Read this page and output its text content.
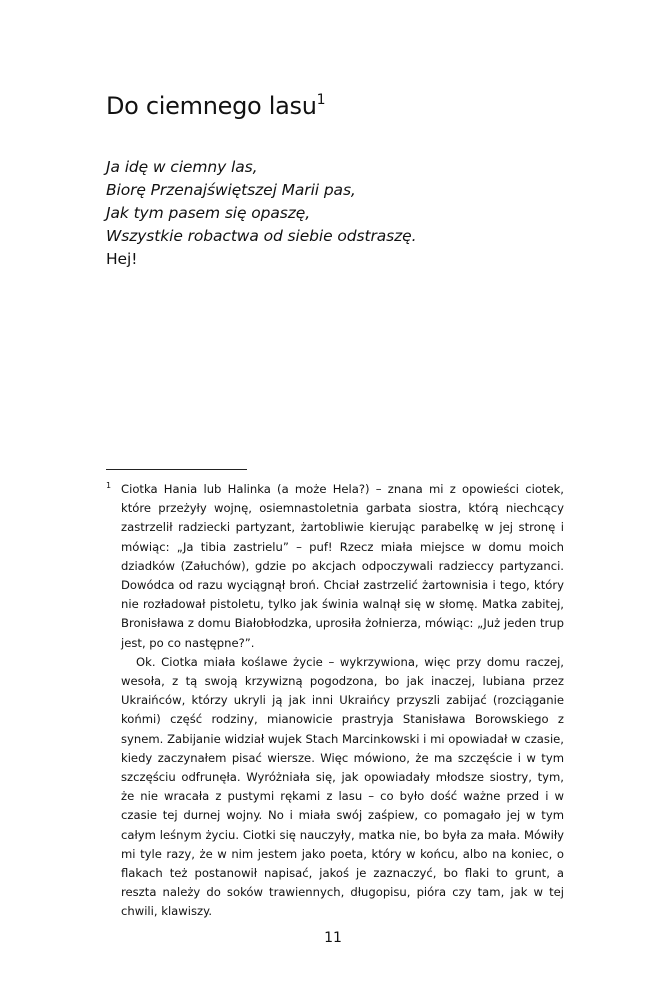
Do ciemnego lasu$^1$
Ja idę w ciemny las,
Biorę Przenajświętszej Marii pas,
Jak tym pasem się opaszę,
Wszystkie robactwa od siebie odstraszę.
Hej!

1 Ciotka Hania lub Halinka (a może Hela?) – znana mi z opowieści ciotek, które przeżyły wojnę, osiemnastoletnia garbata siostra, którą niechcący zastrzelił radziecki partyzant, żartobliwie kierując parabelkę w jej stronę i mówiąc: „Ja tibia zastrielu” – puf! Rzecz miała miejsce w domu moich dziadków (Załuchów), gdzie po akcjach odpoczywali radzieccy partyzanci. Dowódca od razu wyciągnął broń. Chciał zastrzelić żartownisia i tego, który nie rozładował pistoletu, tylko jak świnia walnął się w słomę. Matka zabitej, Bronisława z domu Białobłodzka, uprosiła żołnierza, mówiąc: „Już jeden trup jest, po co następne?”.

Ok. Ciotka miała koślawe życie – wykrzywiona, więc przy domu raczej, wesoła, z tą swoją krzywizną pogodzona, bo jak inaczej, lubiana przez Ukraińców, którzy ukryli ją jak inni Ukraińcy przyszli zabijać (rozciąganie końmi) część rodziny, mianowicie prastryja Stanisława Borowskiego z synem. Zabijanie widział wujek Stach Marcinkowski i mi opowiadał w czasie, kiedy zaczynałem pisać wiersze. Więc mówiono, że ma szczęście i w tym szczęściu odfrunęła. Wyróżniała się, jak opowiadały młodsze siostry, tym, że nie wracała z pustymi rękami z lasu – co było dość ważne przed i w czasie tej durnej wojny. No i miała swój zaśpiew, co pomagało jej w tym całym leśnym życiu. Ciotki się nauczyły, matka nie, bo była za mała. Mówiły mi tyle razy, że w nim jestem jako poeta, który w końcu, albo na koniec, o flakach też postanowił napisać, jakoś je zaznaczyć, bo flaki to grunt, a reszta należy do soków trawiennych, długopisu, pióra czy tam, jak w tej chwili, klawiszy.

11
